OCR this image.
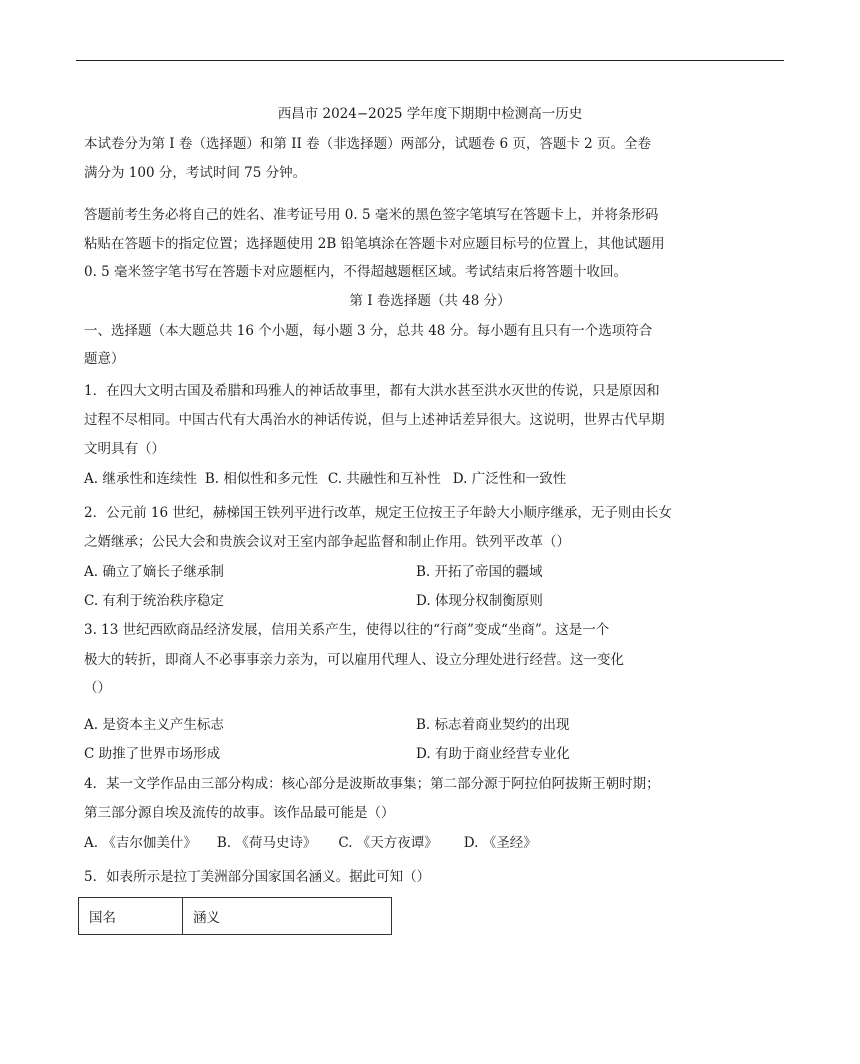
西昌市 2024−2025 学年度下期期中检测高一历史
本试卷分为第 I 卷（选择题）和第 II 卷（非选择题）两部分，试题卷 6 页，答题卡 2 页。全卷
满分为 100 分，考试时间 75 分钟。
答题前考生务必将自己的姓名、准考证号用 0. 5 毫米的黑色签字笔填写在答题卡上，并将条形码
粘贴在答题卡的指定位置；选择题使用 2B 铅笔填涂在答题卡对应题目标号的位置上，其他试题用
0. 5 毫米签字笔书写在答题卡对应题框内，不得超越题框区域。考试结束后将答题十收回。
第 I 卷选择题（共 48 分）
一、选择题（本大题总共 16 个小题，每小题 3 分，总共 48 分。每小题有且只有一个选项符合
题意）
1．在四大文明古国及希腊和玛雅人的神话故事里，都有大洪水甚至洪水灭世的传说，只是原因和
过程不尽相同。中国古代有大禹治水的神话传说，但与上述神话差异很大。这说明，世界古代早期
文明具有（）
A. 继承性和连续性 B. 相似性和多元性 C. 共融性和互补性 D. 广泛性和一致性
2．公元前 16 世纪，赫梯国王铁列平进行改革，规定王位按王子年龄大小顺序继承，无子则由长女
之婿继承；公民大会和贵族会议对王室内部争起监督和制止作用。铁列平改革（）
A. 确立了嫡长子继承制	B. 开拓了帝国的疆域
C. 有利于统治秩序稳定	D. 体现分权制衡原则
3. 13 世纪西欧商品经济发展，信用关系产生，使得以往的“行商”变成“坐商”。这是一个
极大的转折，即商人不必事事亲力亲为，可以雇用代理人、设立分理处进行经营。这一变化
（）
A. 是资本主义产生标志	B. 标志着商业契约的出现
C 助推了世界市场形成	D. 有助于商业经营专业化
4．某一文学作品由三部分构成：核心部分是波斯故事集；第二部分源于阿拉伯阿拔斯王朝时期；
第三部分源自埃及流传的故事。该作品最可能是（）
A. 《吉尔伽美什》 B. 《荷马史诗》 C. 《天方夜谭》 D. 《圣经》
5．如表所示是拉丁美洲部分国家国名涵义。据此可知（）
国名	涵义
